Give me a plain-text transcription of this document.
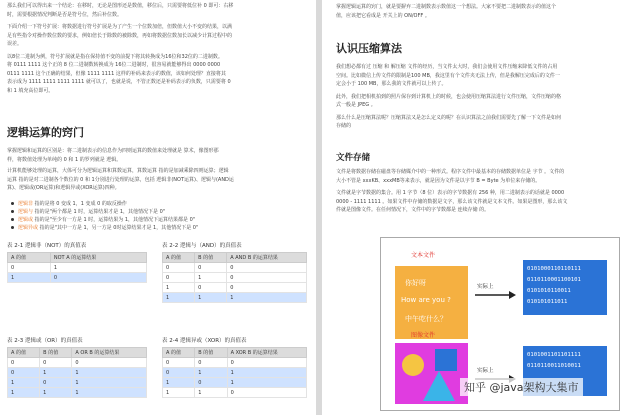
那么我们可以得出来一个结论：在移时，无论是图形还是数值，移位后，只需要将低位补 0 即可：右移

时，需要根据情况判断是否是符号位，然后补位数。

下面介绍一下符号扩展：将数据进行符号扩展是为了产生一个位数加倍，但数值大小不变的结果，以满

足有些指令对操作数位数的要求，例如倍长于除数的被除数，再如将数据位数加长以减少计算过程中的

误差。

以8位二进制为例，符号扩展就是指在保持值不变的前提下将其转换成为16位和32位的二进制数。

将 0111 1111 这个正的 8 位二进制数转换成为 16位二进制时，很容易就能够得出 0000 0000

0111 1111 这个正确的结果，但像 1111 1111 这样的补码来表示的数值，该如何处理？直接将其

表示成为 1111 1111 1111 1111 就可以了，也就是说，不管正数还是补码表示的负数，只需要将 0

和 1 填充高位即可。

逻辑运算的窍门

掌握逻辑和运算的区别是：将二进制表示的信息作为四则运算的数值来处理就是 算术，像图形那

样，将数值处理为单纯的 0 和 1 的罗列就是 逻辑。

计算机能够处理的运算，大体可分为逻辑运算和算数运算，算数运算 指的是加减乘除四则运算；逻辑

运算 指的是对二进制各个数位的 0 和 1分别进行处理的运算，包括 逻辑非(NOT运算)、逻辑与(AND运

算)、逻辑或(OR运算)和逻辑异或(XOR运算)四种。

逻辑非 指的是将 0 变成 1，1 变成 0 的取反操作
逻辑与 指的是"两个都是 1 时，运算结果才是 1，其他情况下是 0"
逻辑或 指的是"至少有一方是 1 时，运算结果为 1，其他情况下运算结果都是 0"
逻辑异或 指的是"其中一方是 1，另一方是 0时运算结果才是 1，其他情况下是 0"
表 2-1 逻辑非（NOT）的真值表
A 的值	NOT A 的运算结果
0	1
1	0
表 2-2 逻辑与（AND）的真值表
A 的值	B 的值	A AND B 的运算结果
0	0	0
0	1	0
1	0	0
1	1	1
表 2-3 逻辑或（OR）的真值表
A 的值	B 的值	A OR B 的运算结果
0	0	0
0	1	1
1	0	1
1	1	1
表 2-4 逻辑异或（XOR）的真值表
A 的值	B 的值	A XOR B 的运算结果
0	0	0
0	1	1
1	0	1
1	1	0

掌握逻辑运算的窍门，就是要摒弃二进制数表示数值这一个想法。大家不要把二进制数表示的值这个

值，应该把它看成是 开关上的 ON/OFF 。

认识压缩算法

我们想必都有过 压缩 和 解压缩 文件的经历，当文件太大时，我们会使用文件压缩来降低文件的占用

空间。比如微信上传文件的限制是100 MB，我这里有个文件夹无法上传，但是我解压完成后的文件一

定会小于 100 MB，那么我的文件就可以上传了。

此外，我们把相机拍到的照片保存到计算机上的时候，也会使用压缩算法进行文件压缩，文件压缩的格

式一般是 JPEG 。

那么什么是压缩算法呢？压缩算法又是怎么定义的呢？在认识算法之前我们需要先了解一下文件是如何

存储的

文件存储

文件是将数据存储在磁盘等存储媒介中的一种形式。程序文件中最基本的存储数据单位是 字节 。文件的

大小不管是 xxxKB、xxxMB等来表示，就是因为文件是以字节 B = Byte 为单位来存储的。

文件就是字节数据的集合。用 1 字节（8 位）表示的字节数据有 256 种，用二进制表示的话就是 0000

0000 - 1111 1111 。如果文件中存储的数据是文字，那么该文件就是文本文件。如果是图形，那么该文

件就是图像文件。在任何情况下，文件中的字节数都是 连续存储 的。

文本文件
你好呀
How are you ?
中午吃什么？
实际上
0101000110110111
0110110001100101
0101010110011
010101011011
图像文件
实际上
0101001101101111
0110110011010011
知乎 @java架构大集市
